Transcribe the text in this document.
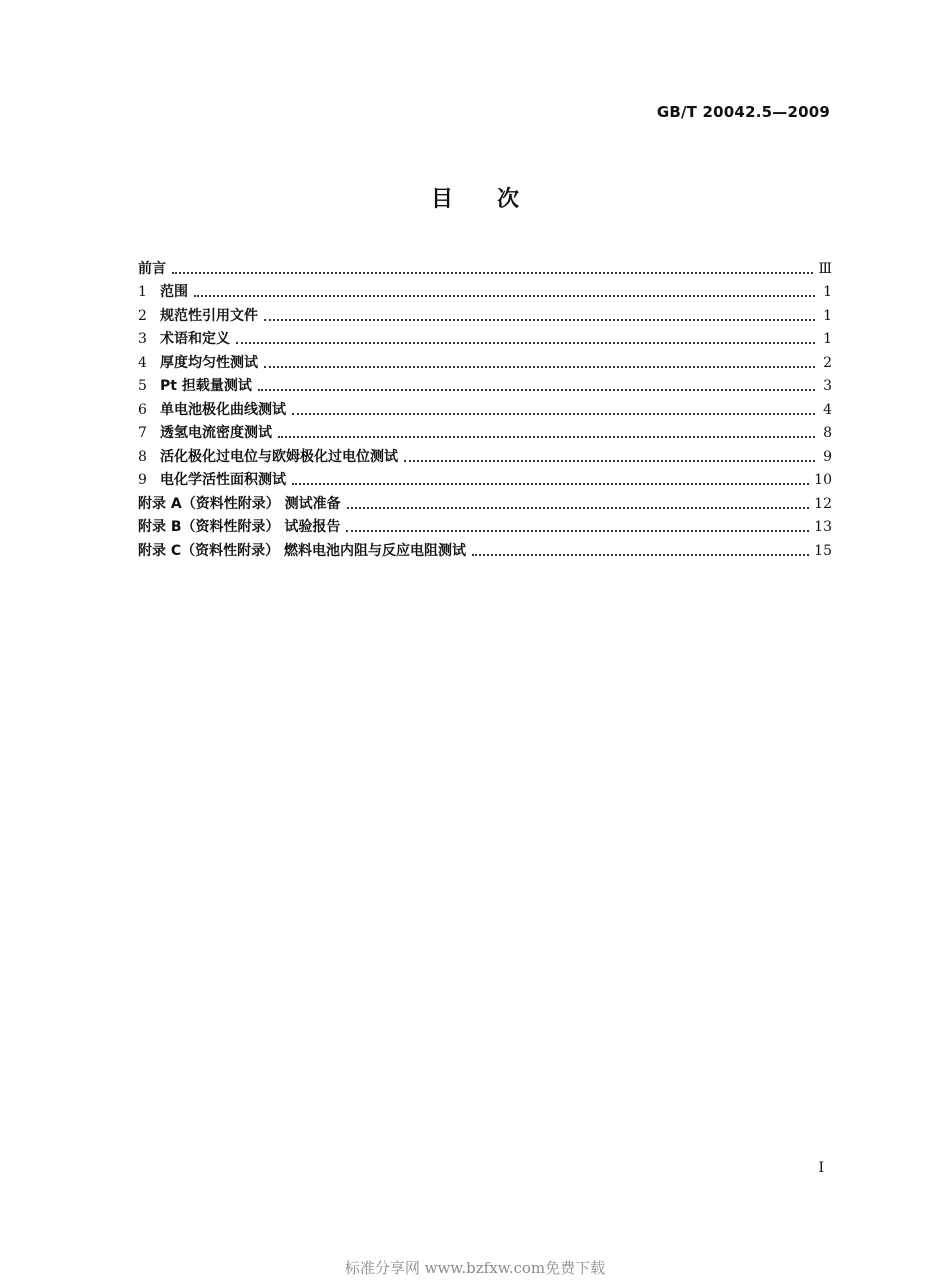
GB/T 20042.5—2009
目次
前言	Ⅲ
1 范围	1
2 规范性引用文件	1
3 术语和定义	1
4 厚度均匀性测试	2
5 Pt 担载量测试	3
6 单电池极化曲线测试	4
7 透氢电流密度测试	8
8 活化极化过电位与欧姆极化过电位测试	9
9 电化学活性面积测试	10
附录 A（资料性附录） 测试准备	12
附录 B（资料性附录） 试验报告	13
附录 C（资料性附录） 燃料电池内阻与反应电阻测试	15
I
标准分享网 www.bzfxw.com免费下载
